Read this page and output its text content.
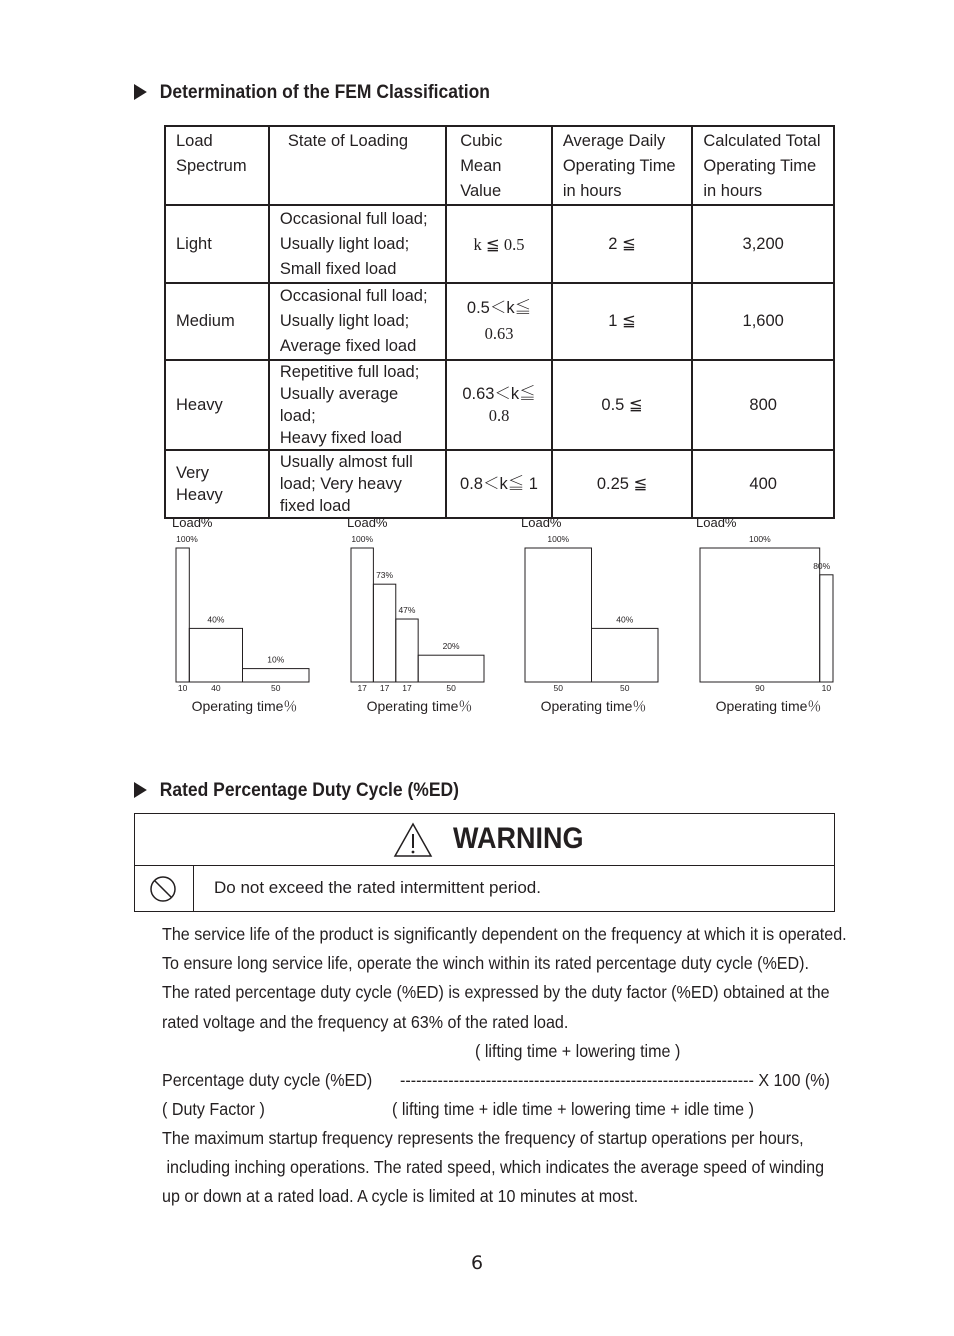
Determination of the FEM Classification
Load
Spectrum	State of Loading	Cubic
Mean
Value	Average Daily
Operating Time
in hours	Calculated Total
Operating Time
in hours
Light	Occasional full load;
Usually light load;
Small fixed load	k ≦ 0.5	2 ≦	3,200
Medium	Occasional full load;
Usually light load;
Average fixed load	0.5＜k≦
0.63	1 ≦	1,600
Heavy	Repetitive full load;
Usually average load;
Heavy fixed load	0.63＜k≦
0.8	0.5 ≦	800
Very Heavy	Usually almost full
load; Very heavy
fixed load	0.8＜k≦ 1	0.25 ≦	400
Load%
100%
10
40%
40
10%
50
Operating time％
Load%
100%
17
73%
17
47%
17
20%
50
Operating time％
Load%
100%
50
40%
50
Operating time％
Load%
100%
90
80%
10
Operating time％
Rated Percentage Duty Cycle (%ED)
WARNING
Do not exceed the rated intermittent period.
The service life of the product is significantly dependent on the frequency at which it is operated.
To ensure long service life, operate the winch within its rated percentage duty cycle (%ED).
The rated percentage duty cycle (%ED) is expressed by the duty factor (%ED) obtained at the
rated voltage and the frequency at 63% of the rated load.
( lifting time + lowering time )
Percentage duty cycle (%ED) ------------------------------------------------------------------ X 100 (%)
( Duty Factor )	( lifting time + idle time + lowering time + idle time )
The maximum startup frequency represents the frequency of startup operations per hours,
including inching operations. The rated speed, which indicates the average speed of winding
up or down at a rated load. A cycle is limited at 10 minutes at most.
6
